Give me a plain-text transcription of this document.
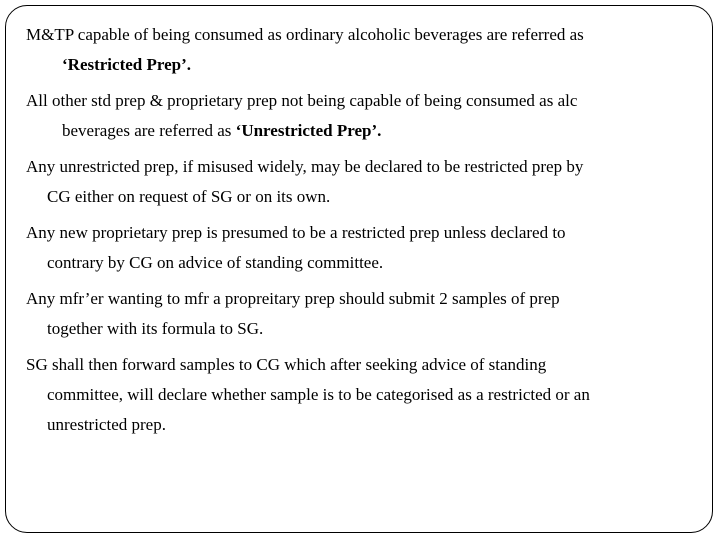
M&TP capable of being consumed as ordinary alcoholic beverages are referred as
‘Restricted Prep’.

All other std prep & proprietary prep not being capable of being consumed as alc
beverages are referred as ‘Unrestricted Prep’.

Any unrestricted prep, if misused widely, may be declared to be restricted prep by
CG either on request of SG or on its own.

Any new proprietary prep is presumed to be a restricted prep unless declared to
contrary by CG on advice of standing committee.

Any mfr’er wanting to mfr a propreitary prep should submit 2 samples of prep
together with its formula to SG.

SG shall then forward samples to CG which after seeking advice of standing
committee, will declare whether sample is to be categorised as a restricted or an
unrestricted prep.
